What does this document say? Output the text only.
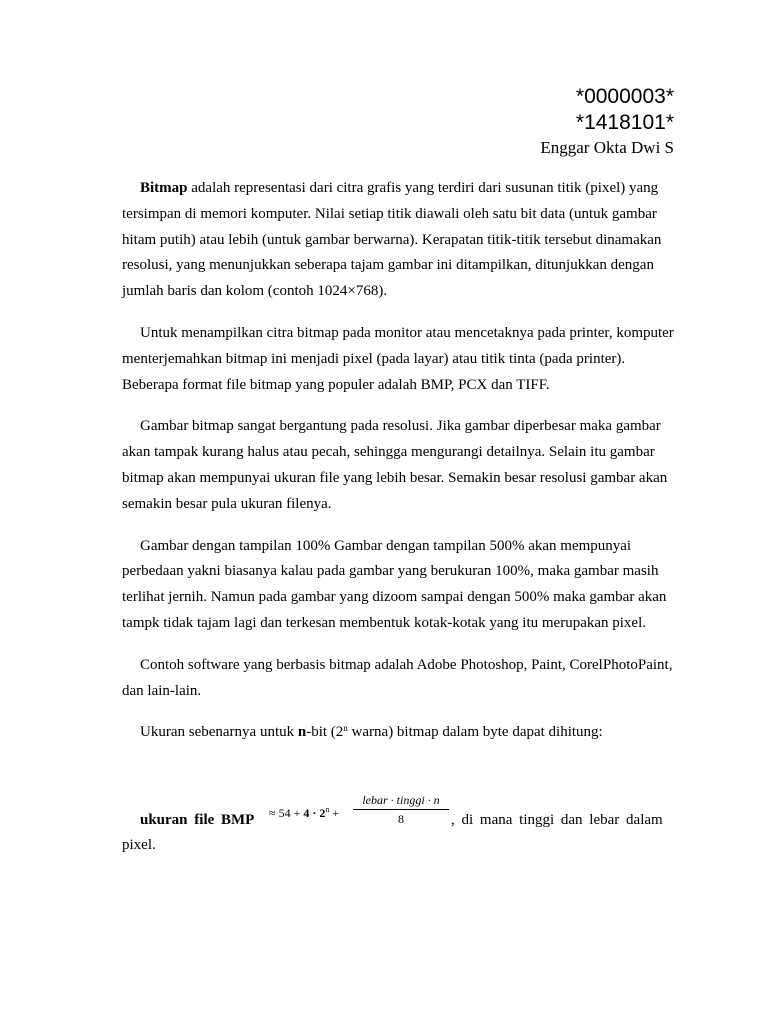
*0000003*
*1418101*
Enggar Okta Dwi S

Bitmap adalah representasi dari citra grafis yang terdiri dari susunan titik (pixel) yang tersimpan di memori komputer. Nilai setiap titik diawali oleh satu bit data (untuk gambar hitam putih) atau lebih (untuk gambar berwarna). Kerapatan titik-titik tersebut dinamakan resolusi, yang menunjukkan seberapa tajam gambar ini ditampilkan, ditunjukkan dengan jumlah baris dan kolom (contoh 1024×768).

Untuk menampilkan citra bitmap pada monitor atau mencetaknya pada printer, komputer menterjemahkan bitmap ini menjadi pixel (pada layar) atau titik tinta (pada printer). Beberapa format file bitmap yang populer adalah BMP, PCX dan TIFF.

Gambar bitmap sangat bergantung pada resolusi. Jika gambar diperbesar maka gambar akan tampak kurang halus atau pecah, sehingga mengurangi detailnya. Selain itu gambar bitmap akan mempunyai ukuran file yang lebih besar. Semakin besar resolusi gambar akan semakin besar pula ukuran filenya.

Gambar dengan tampilan 100% Gambar dengan tampilan 500% akan mempunyai perbedaan yakni biasanya kalau pada gambar yang berukuran 100%, maka gambar masih terlihat jernih. Namun pada gambar yang dizoom sampai dengan 500% maka gambar akan tampk tidak tajam lagi dan terkesan membentuk kotak-kotak yang itu merupakan pixel.

Contoh software yang berbasis bitmap adalah Adobe Photoshop, Paint, CorelPhotoPaint, dan lain-lain.

Ukuran sebenarnya untuk n-bit (2$^n$ warna) bitmap dalam byte dapat dihitung:

ukuran file BMP ≈ $54 + 4 \cdot 2^n$ +
lebar · tinggi · n
8	, di mana tinggi dan lebar dalam
pixel.
